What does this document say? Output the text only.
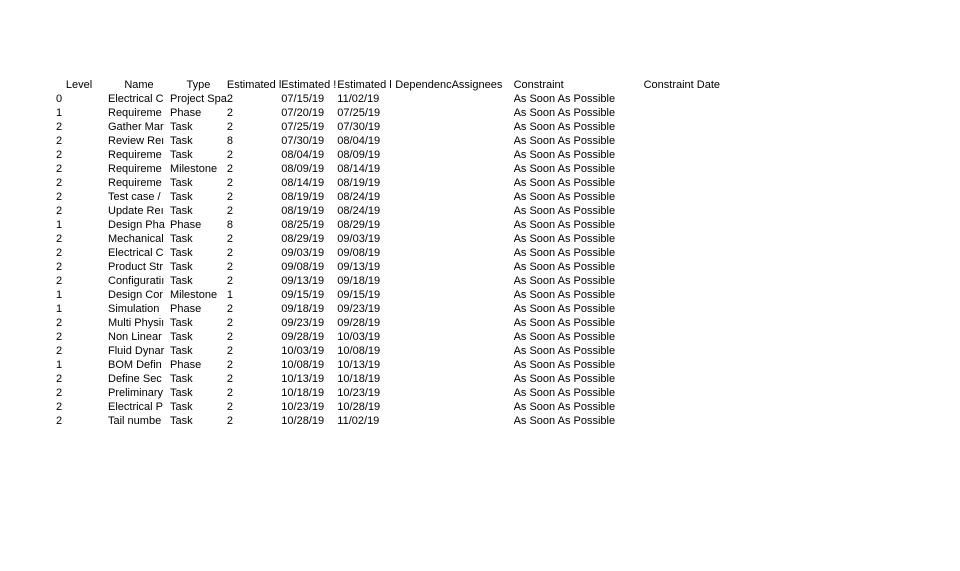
Level	Name	Type	Estimated l	Estimated !	Estimated l	Dependenc	Assignees	Constraint	Constraint Date
0	Electrical C	Project Spa	2	07/15/19	11/02/19			As Soon As Possible	
1	Requireme	Phase	2	07/20/19	07/25/19			As Soon As Possible	
2	Gather Mar	Task	2	07/25/19	07/30/19			As Soon As Possible	
2	Review Reı	Task	8	07/30/19	08/04/19			As Soon As Possible	
2	Requireme	Task	2	08/04/19	08/09/19			As Soon As Possible	
2	Requireme	Milestone	2	08/09/19	08/14/19			As Soon As Possible	
2	Requireme	Task	2	08/14/19	08/19/19			As Soon As Possible	
2	Test case /	Task	2	08/19/19	08/24/19			As Soon As Possible	
2	Update Reı	Task	2	08/19/19	08/24/19			As Soon As Possible	
1	Design Pha	Phase	8	08/25/19	08/29/19			As Soon As Possible	
2	Mechanical	Task	2	08/29/19	09/03/19			As Soon As Possible	
2	Electrical C	Task	2	09/03/19	09/08/19			As Soon As Possible	
2	Product Str	Task	2	09/08/19	09/13/19			As Soon As Possible	
2	Configuratiı	Task	2	09/13/19	09/18/19			As Soon As Possible	
1	Design Cor	Milestone	1	09/15/19	09/15/19			As Soon As Possible	
1	Simulation	Phase	2	09/18/19	09/23/19			As Soon As Possible	
2	Multi Physiı	Task	2	09/23/19	09/28/19			As Soon As Possible	
2	Non Linear	Task	2	09/28/19	10/03/19			As Soon As Possible	
2	Fluid Dynar	Task	2	10/03/19	10/08/19			As Soon As Possible	
1	BOM Defin	Phase	2	10/08/19	10/13/19			As Soon As Possible	
2	Define Sec	Task	2	10/13/19	10/18/19			As Soon As Possible	
2	Preliminary	Task	2	10/18/19	10/23/19			As Soon As Possible	
2	Electrical P	Task	2	10/23/19	10/28/19			As Soon As Possible	
2	Tail numbe	Task	2	10/28/19	11/02/19			As Soon As Possible	
